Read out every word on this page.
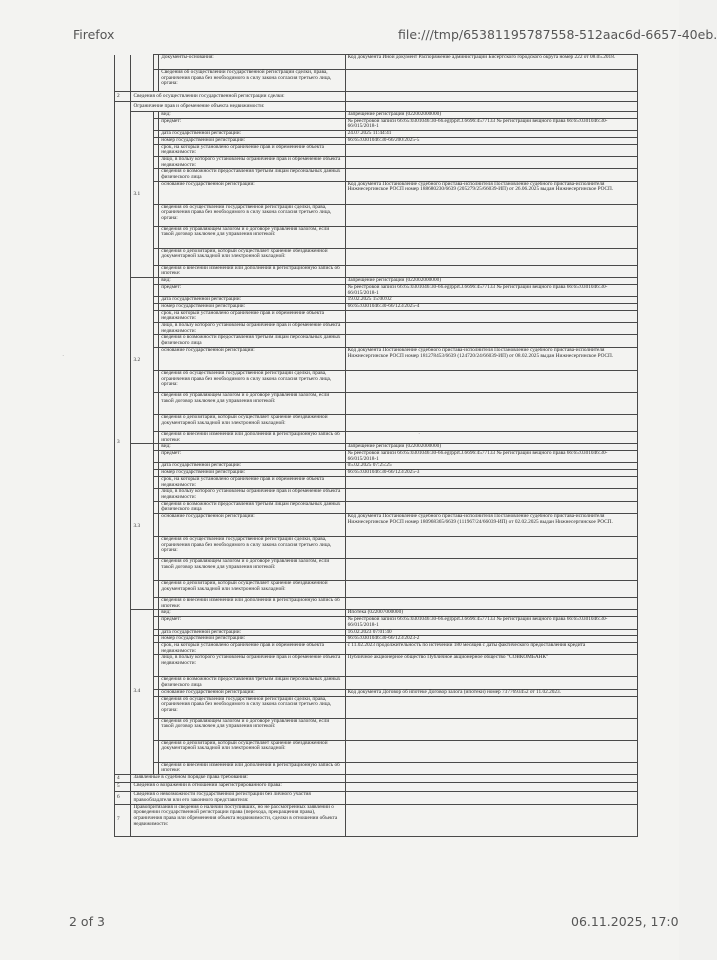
Firefox	file:///tmp/65381195787558-512aac6d-6657-40eb.
·
·
			Документы-основания:	Код документа Иной документ Распоряжение администрации Бисертского городского округа номер 222 от 08.05.2018.
			Сведения об осуществлении государственной регистрации сделки, права, ограничения права без необходимого в силу закона согласия третьего лица, органа:	
2	Сведения об осуществлении государственной регистрации сделки:			
	Ограничение прав и обременение объекта недвижимости:			
3	3.1		вид:	Запрещение регистрации (022002000000)
			предмет:	№ реестровой записи 66:65:0301046:30-66.egrpprt.J.6696:4577133 № регистрации вещного права 66:65:0301046:30-66/015/2018-1
			дата государственной регистрации:	24.07.2025 11:44:41
			номер государственной регистрации:	66:65:0301046:30-66/200/2025-5
			срок, на который установлено ограничение прав и обременение объекта недвижимости:	
			лицо, в пользу которого установлены ограничение прав и обременение объекта недвижимости:	
			сведения о возможности предоставления третьим лицам персональных данных физического лица	
			основание государственной регистрации:	Код документа Постановление судебного пристава-исполнителя Постановление судебного пристава-исполнителя Нижнесергинское РОСП номер 188680230/6639 (205279/25/66039-ИП) от 26.06.2025 выдан Нижнесергинское РОСП.
			сведения об осуществлении государственной регистрации сделки, права, ограничения права без необходимого в силу закона согласия третьего лица, органа:	
			сведения об управляющем залогом и о договоре управления залогом, если такой договор заключен для управления ипотекой:	
			сведения о депозитарии, который осуществляет хранение обездвиженной документарной закладной или электронной закладной:	
			сведения о внесении изменений или дополнений в регистрационную запись об ипотеке:	
	3.2		вид:	Запрещение регистрации (022002000000)
			предмет:	№ реестровой записи 66:65:0301046:30-66.egrpprt.J.6696:4577133 № регистрации вещного права 66:65:0301046:30-66/015/2018-1
			дата государственной регистрации:	19.02.2025 15:00:02
			номер государственной регистрации:	66:65:0301046:30-66/123/2025-4
			срок, на который установлено ограничение прав и обременение объекта недвижимости:	
			лицо, в пользу которого установлены ограничение прав и обременение объекта недвижимости:	
			сведения о возможности предоставления третьим лицам персональных данных физического лица	
			основание государственной регистрации:	Код документа Постановление судебного пристава-исполнителя Постановление судебного пристава-исполнителя Нижнесергинское РОСП номер 181278453/6639 (124720/24/66039-ИП) от 08.02.2025 выдан Нижнесергинское РОСП.
			сведения об осуществлении государственной регистрации сделки, права, ограничения права без необходимого в силу закона согласия третьего лица, органа:	
			сведения об управляющем залогом и о договоре управления залогом, если такой договор заключен для управления ипотекой:	
			сведения о депозитарии, который осуществляет хранение обездвиженной документарной закладной или электронной закладной:	
			сведения о внесении изменений или дополнений в регистрационную запись об ипотеке:	
	3.3		вид:	Запрещение регистрации (022002000000)
			предмет:	№ реестровой записи 66:65:0301046:30-66.egrpprt.J.6696:4577133 № регистрации вещного права 66:65:0301046:30-66/015/2018-1
			дата государственной регистрации:	05.02.2025 07:25:25
			номер государственной регистрации:	66:65:0301046:30-66/123/2025-3
			срок, на который установлено ограничение прав и обременение объекта недвижимости:	
			лицо, в пользу которого установлены ограничение прав и обременение объекта недвижимости:	
			сведения о возможности предоставления третьим лицам персональных данных физического лица	
			основание государственной регистрации:	Код документа Постановление судебного пристава-исполнителя Постановление судебного пристава-исполнителя Нижнесергинское РОСП номер 180968365/6639 (111967/24/66039-ИП) от 02.02.2025 выдан Нижнесергинское РОСП.
			сведения об осуществлении государственной регистрации сделки, права, ограничения права без необходимого в силу закона согласия третьего лица, органа:	
			сведения об управляющем залогом и о договоре управления залогом, если такой договор заключен для управления ипотекой:	
			сведения о депозитарии, который осуществляет хранение обездвиженной документарной закладной или электронной закладной:	
			сведения о внесении изменений или дополнений в регистрационную запись об ипотеке:	
	3.4		вид:	Ипотека (022007000000)
			предмет:	№ реестровой записи 66:65:0301046:30-66.egrpprt.J.6696:4577133 № регистрации вещного права 66:65:0301046:30-66/015/2018-1
			дата государственной регистрации:	16.02.2023 07:01:40
			номер государственной регистрации:	66:65:0301046:30-66/123/2023-2
			срок, на который установлено ограничение прав и обременение объекта недвижимости:	с 11.02.2023 продолжительность по истечении 180 месяцев с даты фактического предоставления кредита
			лицо, в пользу которого установлены ограничение прав и обременение объекта недвижимости:	Публичное акционерное общество Публичное акционерное общество "СОВКОМБАНК"
			сведения о возможности предоставления третьим лицам персональных данных физического лица	
			основание государственной регистрации:	Код документа Договор об ипотеке Договор залога (ипотеки) номер 7377693452 от 11.02.2023.
			сведения об осуществлении государственной регистрации сделки, права, ограничения права без необходимого в силу закона согласия третьего лица, органа:	
			сведения об управляющем залогом и о договоре управления залогом, если такой договор заключен для управления ипотекой:	
			сведения о депозитарии, который осуществляет хранение обездвиженной документарной закладной или электронной закладной:	
			сведения о внесении изменений или дополнений в регистрационную запись об ипотеке:	
4	Заявленные в судебном порядке права требования:			
5	Сведения о возражении в отношении зарегистрированного права:			
6	Сведения о невозможности государственной регистрации без личного участия правообладателя или его законного представителя:			
7	Правопритязания и сведения о наличии поступивших, но не рассмотренных заявлений о проведении государственной регистрации права (перехода, прекращения права), ограничения права или обременения объекта недвижимости, сделки в отношении объекта недвижимости:			
2 of 3	06.11.2025, 17:0
